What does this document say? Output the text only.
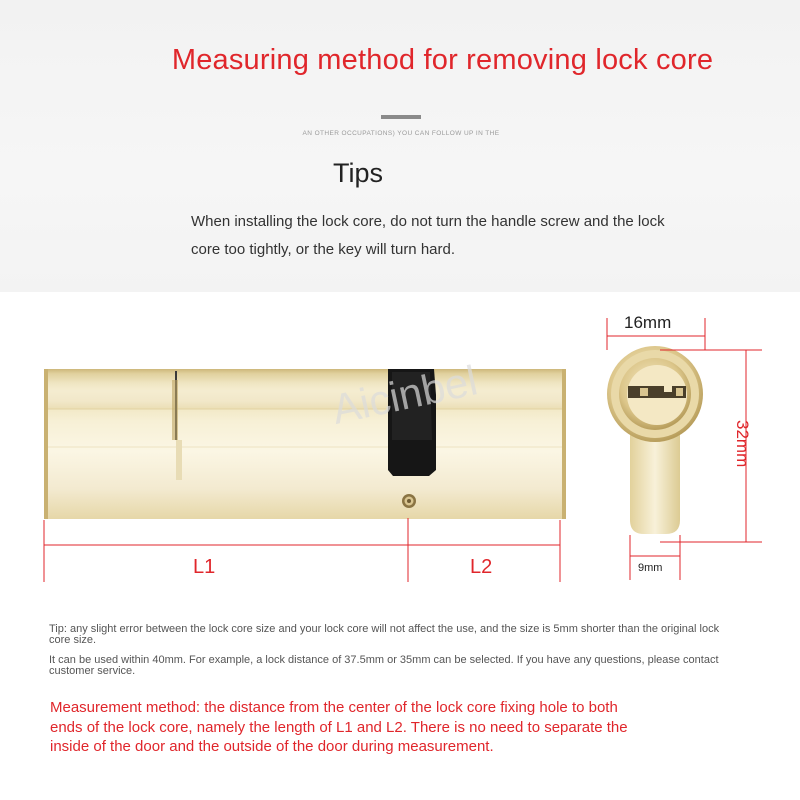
Measuring method for removing lock core
AN OTHER OCCUPATIONS) YOU CAN FOLLOW UP IN THE
Tips
When installing the lock core, do not turn the handle screw and the lock core too tightly, or the key will turn hard.
Aicinbel
L1	L2
16mm
32mm
9mm
Tip: any slight error between the lock core size and your lock core will not affect the use, and the size is 5mm shorter than the original lock core size.
It can be used within 40mm. For example, a lock distance of 37.5mm or 35mm can be selected. If you have any questions, please contact customer service.
Measurement method: the distance from the center of the lock core fixing hole to both ends of the lock core, namely the length of L1 and L2. There is no need to separate the inside of the door and the outside of the door during measurement.
